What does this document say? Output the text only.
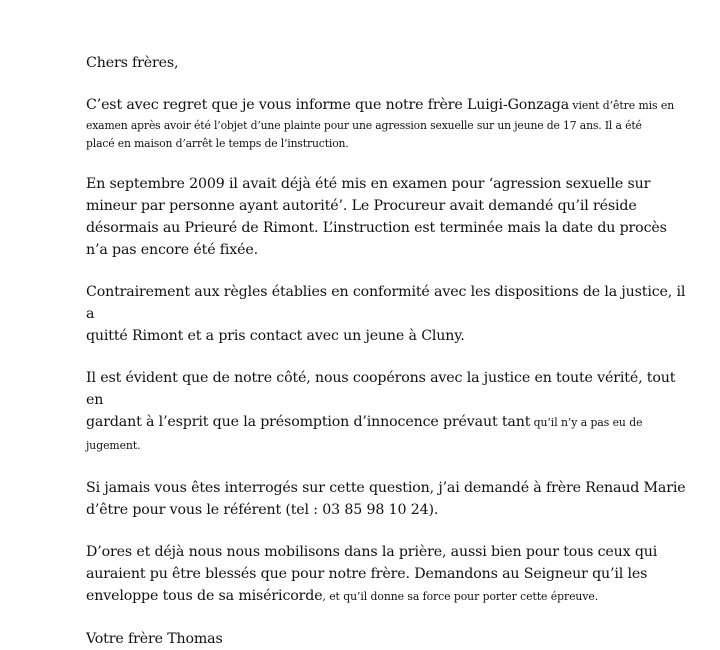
Chers frères,

C’est avec regret que je vous informe que notre frère Luigi-Gonzaga vient d’être mis en

examen après avoir été l’objet d’une plainte pour une agression sexuelle sur un jeune de 17 ans. Il a été
placé en maison d’arrêt le temps de l’instruction.

En septembre 2009 il avait déjà été mis en examen pour ‘agression sexuelle sur
mineur par personne ayant autorité’. Le Procureur avait demandé qu’il réside
désormais au Prieuré de Rimont. L’instruction est terminée mais la date du procès
n’a pas encore été fixée.

Contrairement aux règles établies en conformité avec les dispositions de la justice, il a
quitté Rimont et a pris contact avec un jeune à Cluny.

Il est évident que de notre côté, nous coopérons avec la justice en toute vérité, tout en
gardant à l’esprit que la présomption d’innocence prévaut tant qu’il n’y a pas eu de
jugement.

Si jamais vous êtes interrogés sur cette question, j’ai demandé à frère Renaud Marie
d’être pour vous le référent (tel : 03 85 98 10 24).

D’ores et déjà nous nous mobilisons dans la prière, aussi bien pour tous ceux qui
auraient pu être blessés que pour notre frère. Demandons au Seigneur qu’il les
enveloppe tous de sa miséricorde, et qu’il donne sa force pour porter cette épreuve.

Votre frère Thomas
